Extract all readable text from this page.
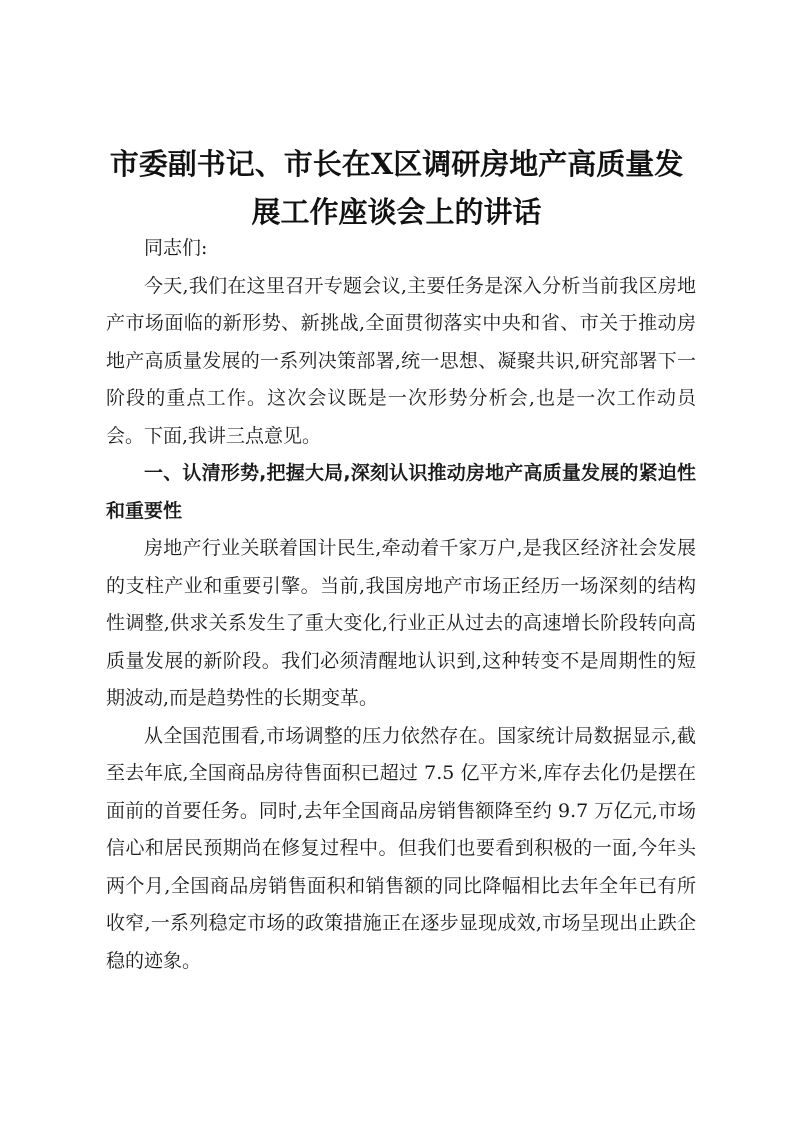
市委副书记、市长在X区调研房地产高质量发展工作座谈会上的讲话

同志们:

今天,我们在这里召开专题会议,主要任务是深入分析当前我区房地产市场面临的新形势、新挑战,全面贯彻落实中央和省、市关于推动房地产高质量发展的一系列决策部署,统一思想、凝聚共识,研究部署下一阶段的重点工作。这次会议既是一次形势分析会,也是一次工作动员会。下面,我讲三点意见。

一、认清形势,把握大局,深刻认识推动房地产高质量发展的紧迫性和重要性

房地产行业关联着国计民生,牵动着千家万户,是我区经济社会发展的支柱产业和重要引擎。当前,我国房地产市场正经历一场深刻的结构性调整,供求关系发生了重大变化,行业正从过去的高速增长阶段转向高质量发展的新阶段。我们必须清醒地认识到,这种转变不是周期性的短期波动,而是趋势性的长期变革。

从全国范围看,市场调整的压力依然存在。国家统计局数据显示,截至去年底,全国商品房待售面积已超过 7.5 亿平方米,库存去化仍是摆在面前的首要任务。同时,去年全国商品房销售额降至约 9.7 万亿元,市场信心和居民预期尚在修复过程中。但我们也要看到积极的一面,今年头两个月,全国商品房销售面积和销售额的同比降幅相比去年全年已有所收窄,一系列稳定市场的政策措施正在逐步显现成效,市场呈现出止跌企稳的迹象。
